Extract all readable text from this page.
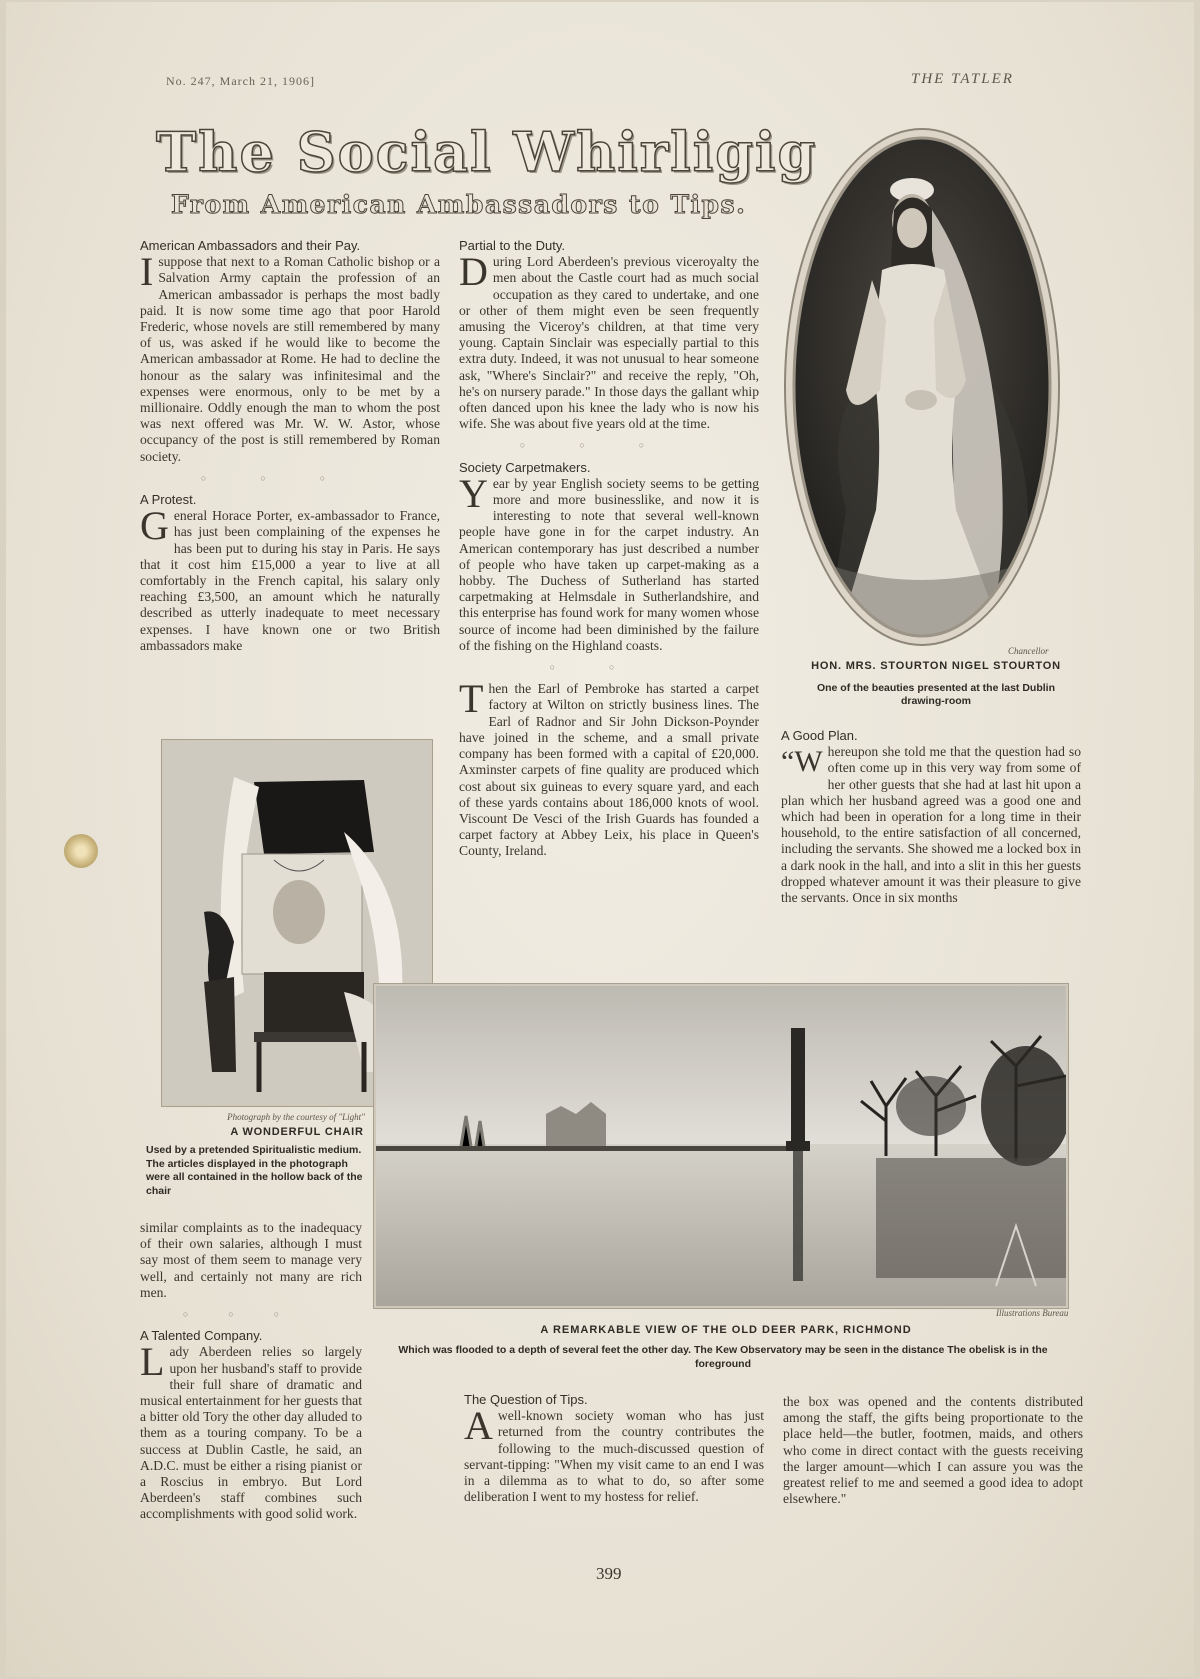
No. 247, March 21, 1906]	THE TATLER
The Social Whirligig
From American Ambassadors to Tips.

American Ambassadors and their Pay.

Isuppose that next to a Roman Catholic bishop or a Salvation Army captain the profession of an American ambassador is perhaps the most badly paid. It is now some time ago that poor Harold Frederic, whose novels are still remembered by many of us, was asked if he would like to become the American ambassador at Rome. He had to decline the honour as the salary was infinitesimal and the expenses were enormous, only to be met by a millionaire. Oddly enough the man to whom the post was next offered was Mr. W. W. Astor, whose occupancy of the post is still remembered by Roman society.

○○○

A Protest.

General Horace Porter, ex-ambassador to France, has just been complaining of the expenses he has been put to during his stay in Paris. He says that it cost him £15,000 a year to live at all comfortably in the French capital, his salary only reaching £3,500, an amount which he naturally described as utterly inadequate to meet necessary expenses. I have known one or two British ambassadors make

Partial to the Duty.

During Lord Aberdeen's previous viceroyalty the men about the Castle court had as much social occupation as they cared to undertake, and one or other of them might even be seen frequently amusing the Viceroy's children, at that time very young. Captain Sinclair was especially partial to this extra duty. Indeed, it was not unusual to hear someone ask, "Where's Sinclair?" and receive the reply, "Oh, he's on nursery parade." In those days the gallant whip often danced upon his knee the lady who is now his wife. She was about five years old at the time.

○○○

Society Carpetmakers.

Year by year English society seems to be getting more and more businesslike, and now it is interesting to note that several well-known people have gone in for the carpet industry. An American contemporary has just described a number of people who have taken up carpet-making as a hobby. The Duchess of Sutherland has started carpetmaking at Helmsdale in Sutherlandshire, and this enterprise has found work for many women whose source of income had been diminished by the failure of the fishing on the Highland coasts.

○○

Then the Earl of Pembroke has started a carpet factory at Wilton on strictly business lines. The Earl of Radnor and Sir John Dickson-Poynder have joined in the scheme, and a small private company has been formed with a capital of £20,000. Axminster carpets of fine quality are produced which cost about six guineas to every square yard, and each of these yards contains about 186,000 knots of wool. Viscount De Vesci of the Irish Guards has founded a carpet factory at Abbey Leix, his place in Queen's County, Ireland.

Chancellor
HON. MRS. STOURTON NIGEL STOURTON
One of the beauties presented at the last Dublin drawing-room

A Good Plan.

“Whereupon she told me that the question had so often come up in this very way from some of her other guests that she had at last hit upon a plan which her husband agreed was a good one and which had been in operation for a long time in their household, to the entire satisfaction of all concerned, including the servants. She showed me a locked box in a dark nook in the hall, and into a slit in this her guests dropped whatever amount it was their pleasure to give the servants. Once in six months

Photograph by the courtesy of "Light"
A WONDERFUL CHAIR
Used by a pretended Spiritualistic medium. The articles displayed in the photograph were all contained in the hollow back of the chair

similar complaints as to the inadequacy of their own salaries, although I must say most of them seem to manage very well, and certainly not many are rich men.

○○○

A Talented Company.

Lady Aberdeen relies so largely upon her husband's staff to provide their full share of dramatic and musical entertainment for her guests that a bitter old Tory the other day alluded to them as a touring company. To be a success at Dublin Castle, he said, an A.D.C. must be either a rising pianist or a Roscius in embryo. But Lord Aberdeen's staff combines such accomplishments with good solid work.

Illustrations Bureau
A REMARKABLE VIEW OF THE OLD DEER PARK, RICHMOND
Which was flooded to a depth of several feet the other day. The Kew Observatory may be seen in the distance The obelisk is in the foreground

The Question of Tips.

Awell-known society woman who has just returned from the country contributes the following to the much-discussed question of servant-tipping: "When my visit came to an end I was in a dilemma as to what to do, so after some deliberation I went to my hostess for relief.

the box was opened and the contents distributed among the staff, the gifts being proportionate to the place held—the butler, footmen, maids, and others who come in direct contact with the guests receiving the larger amount—which I can assure you was the greatest relief to me and seemed a good idea to adopt elsewhere."

399
